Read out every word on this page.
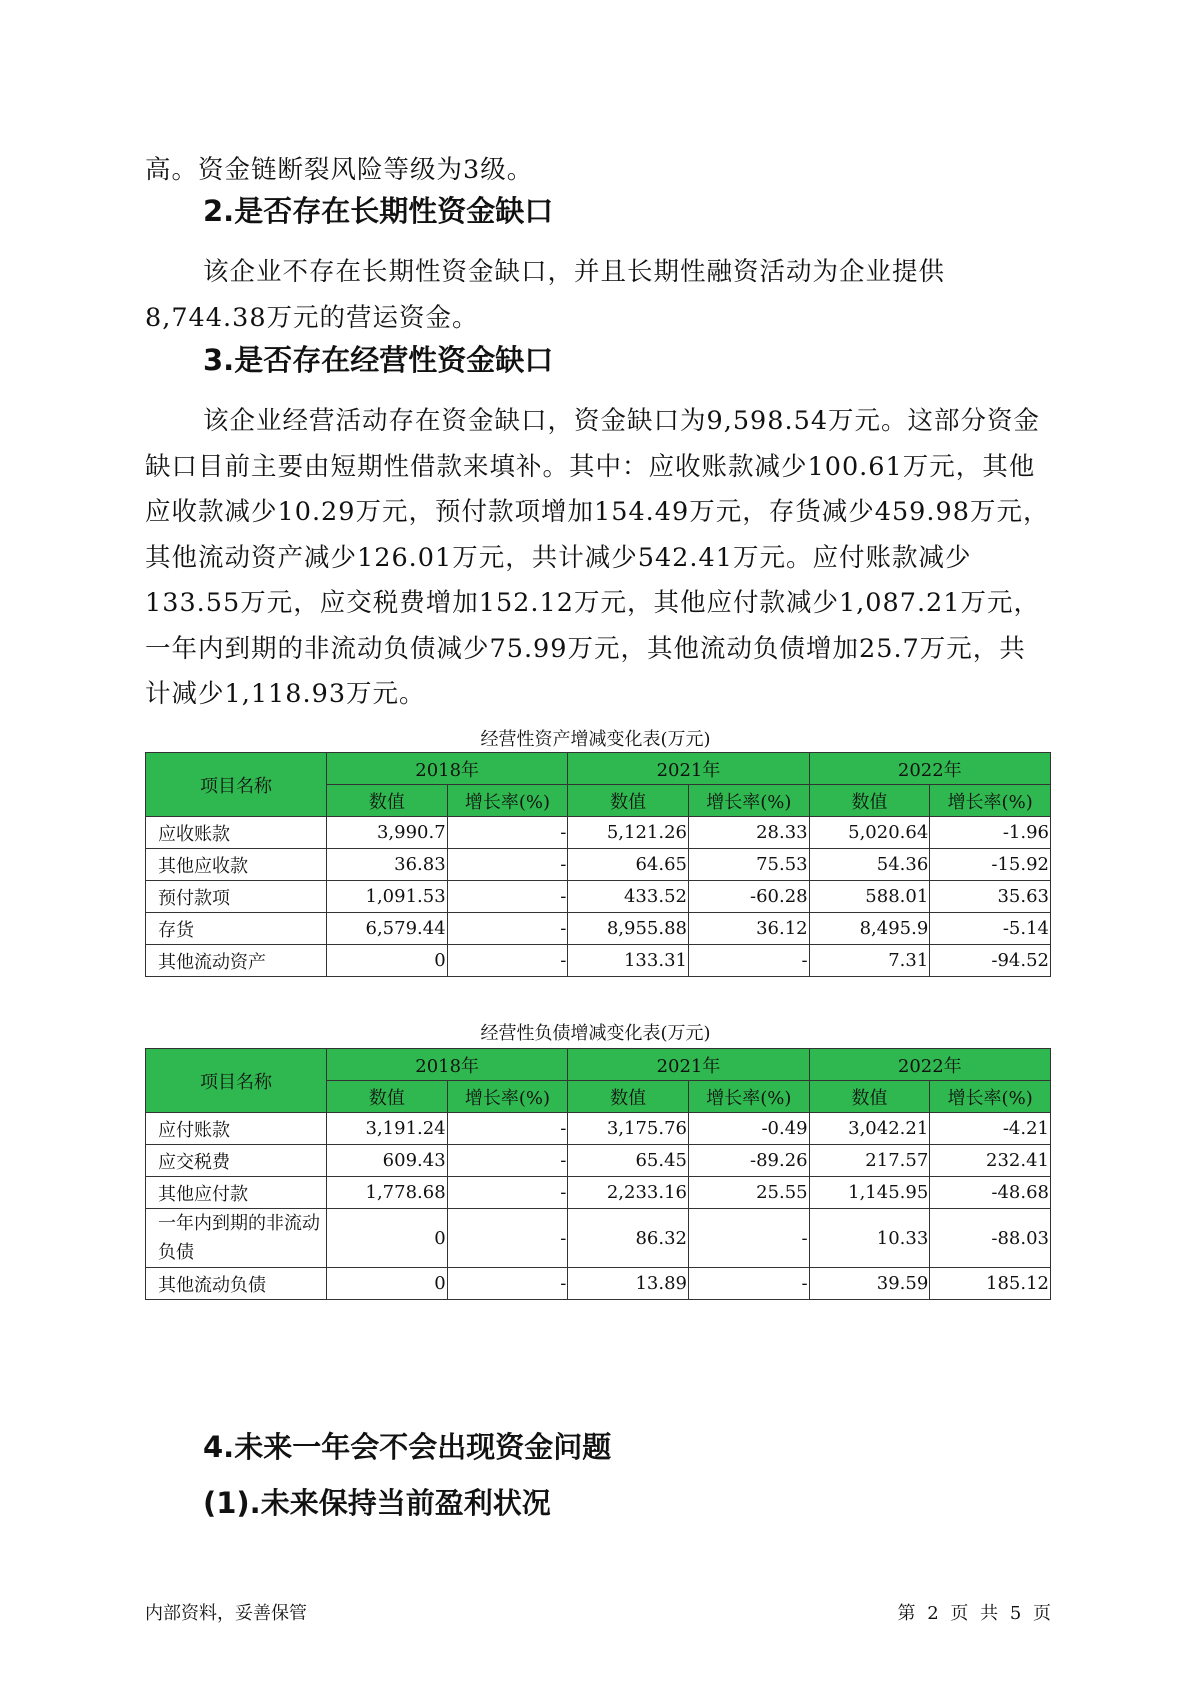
高。资金链断裂风险等级为3级。

2.是否存在长期性资金缺口

该企业不存在长期性资金缺口，并且长期性融资活动为企业提供8,744.38万元的营运资金。

3.是否存在经营性资金缺口

该企业经营活动存在资金缺口，资金缺口为9,598.54万元。这部分资金缺口目前主要由短期性借款来填补。其中：应收账款减少100.61万元，其他应收款减少10.29万元，预付款项增加154.49万元，存货减少459.98万元，其他流动资产减少126.01万元，共计减少542.41万元。应付账款减少133.55万元，应交税费增加152.12万元，其他应付款减少1,087.21万元，一年内到期的非流动负债减少75.99万元，其他流动负债增加25.7万元，共计减少1,118.93万元。

经营性资产增减变化表(万元)

项目名称	2018年		2021年		2022年	
	数值	增长率(%)	数值	增长率(%)	数值	增长率(%)
应收账款	3,990.7	-	5,121.26	28.33	5,020.64	-1.96
其他应收款	36.83	-	64.65	75.53	54.36	-15.92
预付款项	1,091.53	-	433.52	-60.28	588.01	35.63
存货	6,579.44	-	8,955.88	36.12	8,495.9	-5.14
其他流动资产	0	-	133.31	-	7.31	-94.52

经营性负债增减变化表(万元)

项目名称	2018年		2021年		2022年	
	数值	增长率(%)	数值	增长率(%)	数值	增长率(%)
应付账款	3,191.24	-	3,175.76	-0.49	3,042.21	-4.21
应交税费	609.43	-	65.45	-89.26	217.57	232.41
其他应付款	1,778.68	-	2,233.16	25.55	1,145.95	-48.68
一年内到期的非流动负债	0	-	86.32	-	10.33	-88.03
其他流动负债	0	-	13.89	-	39.59	185.12
4.未来一年会不会出现资金问题
(1).未来保持当前盈利状况
内部资料，妥善保管	第 2 页 共 5 页
